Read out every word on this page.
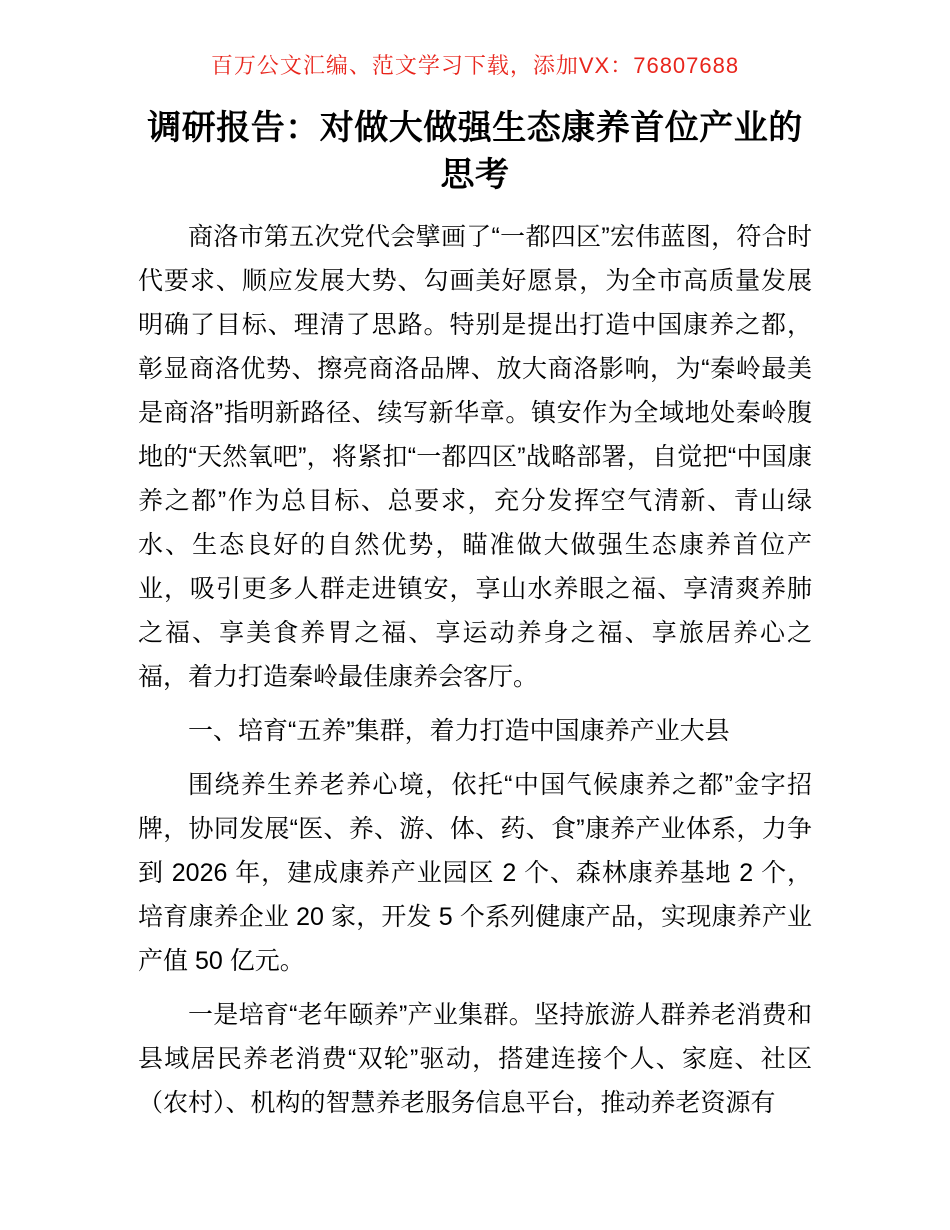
百万公文汇编、范文学习下载，添加VX：76807688
调研报告：对做大做强生态康养首位产业的思考

商洛市第五次党代会擘画了“一都四区”宏伟蓝图，符合时代要求、顺应发展大势、勾画美好愿景，为全市高质量发展明确了目标、理清了思路。特别是提出打造中国康养之都，彰显商洛优势、擦亮商洛品牌、放大商洛影响，为“秦岭最美是商洛”指明新路径、续写新华章。镇安作为全域地处秦岭腹地的“天然氧吧”，将紧扣“一都四区”战略部署，自觉把“中国康养之都”作为总目标、总要求，充分发挥空气清新、青山绿水、生态良好的自然优势，瞄准做大做强生态康养首位产业，吸引更多人群走进镇安，享山水养眼之福、享清爽养肺之福、享美食养胃之福、享运动养身之福、享旅居养心之福，着力打造秦岭最佳康养会客厅。

一、培育“五养”集群，着力打造中国康养产业大县

围绕养生养老养心境，依托“中国气候康养之都”金字招牌，协同发展“医、养、游、体、药、食”康养产业体系，力争到 2026 年，建成康养产业园区 2 个、森林康养基地 2 个，培育康养企业 20 家，开发 5 个系列健康产品，实现康养产业产值 50 亿元。

一是培育“老年颐养”产业集群。坚持旅游人群养老消费和县域居民养老消费“双轮”驱动，搭建连接个人、家庭、社区（农村）、机构的智慧养老服务信息平台，推动养老资源有
